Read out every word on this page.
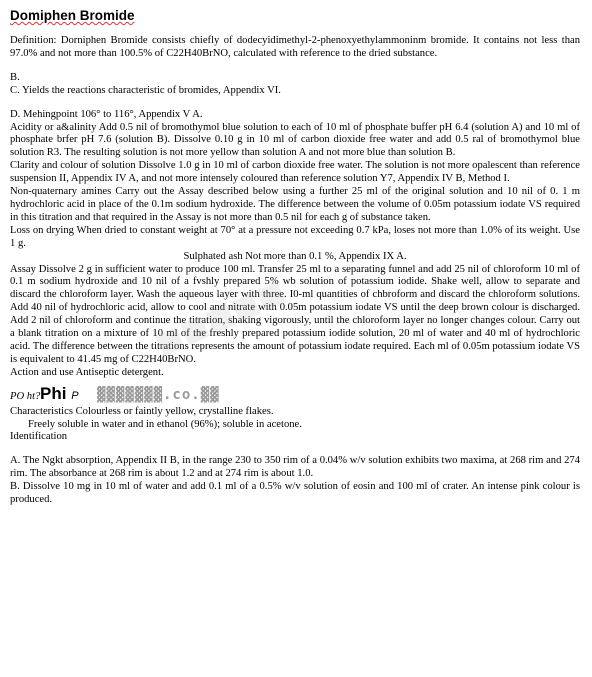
Domiphen Bromide

Definition: Dorniphen Bromide consists chiefly of dodecyidimethyl-2-phenoxyethylammoninm bromide. It contains not less than 97.0% and not more than 100.5% of C22H40BrNO, calculated with reference to the dried substance.

B.

C. Yields the reactions characteristic of bromides, Appendix VI.

D. Mehingpoint 106° to 116°, Appendix V A.

Acidity or a&alinity Add 0.5 nil of bromothymol blue solution to each of 10 ml of phosphate buffer pH 6.4 (solution A) and 10 ml of phosphate brfer pH 7.6 (solution B). Dissolve 0.10 g in 10 ml of carbon dioxide free water and add 0.5 ral of bromothymol blue solution R3. The resulting solution is not more yellow than solution A and not more blue than solution B.

Clarity and colour of solution Dissolve 1.0 g in 10 ml of carbon dioxide free water. The solution is not more opalescent than reference suspension II, Appendix IV A, and not more intensely coloured than reference solution Y7, Appendix IV B, Method I.

Non-quaternary amines Carry out the Assay described below using a further 25 ml of the original solution and 10 nil of 0. 1 m hydrochloric acid in place of the 0.1m sodium hydroxide. The difference between the volume of 0.05m potassium iodate VS required in this titration and that required in the Assay is not more than 0.5 nil for each g of substance taken.

Loss on drying When dried to constant weight at 70° at a pressure not exceeding 0.7 kPa, loses not more than 1.0% of its weight. Use 1 g.

Sulphated ash Not more than 0.1 %, Appendix IX A.

Assay Dissolve 2 g in sufficient water to produce 100 ml. Transfer 25 ml to a separating funnel and add 25 nil of chloroform 10 ml of 0.1 m sodium hydroxide and 10 nil of a fvshly prepared 5% wb solution of potassium iodide. Shake well, allow to separate and discard the chloroform layer. Wash the aqueous layer with three. I0-ml quantities of chbroform and discard the chloroform solutions. Add 40 nil of hydrochloric acid, allow to cool and nitrate with 0.05m potassium iodate VS until the deep brown colour is discharged. Add 2 nil of chloroform and continue the titration, shaking vigorously, until the chloroform layer no longer changes colour. Carry out a blank titration on a mixture of 10 ml of the freshly prepared potassium iodide solution, 20 ml of water and 40 ml of hydrochloric acid. The difference between the titrations represents the amount of potassium iodate required. Each ml of 0.05m potassium iodate VS is equivalent to 41.45 mg of C22H40BrNO.

Action and use Antiseptic detergent.

PO ht? Phi P ▓▓▓▓▓▓▓.co.▓▓

Characteristics Colourless or faintly yellow, crystalline flakes.

Freely soluble in water and in ethanol (96%); soluble in acetone.

Identification

A. The Ngkt absorption, Appendix II B, in the range 230 to 350 rim of a 0.04% w/v solution exhibits two maxima, at 268 rim and 274 rim. The absorbance at 268 rim is about 1.2 and at 274 rim is about 1.0.

B. Dissolve 10 mg in 10 ml of water and add 0.1 ml of a 0.5% w/v solution of eosin and 100 ml of crater. An intense pink colour is produced.

■■■■■
